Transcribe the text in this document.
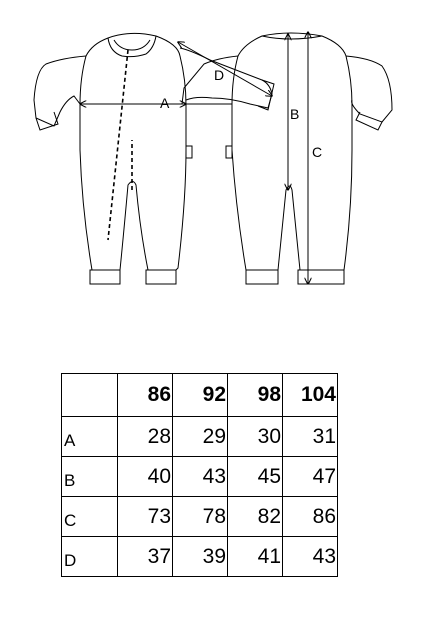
A
D
B
C
	86	92	98	104
A	28	29	30	31
B	40	43	45	47
C	73	78	82	86
D	37	39	41	43
